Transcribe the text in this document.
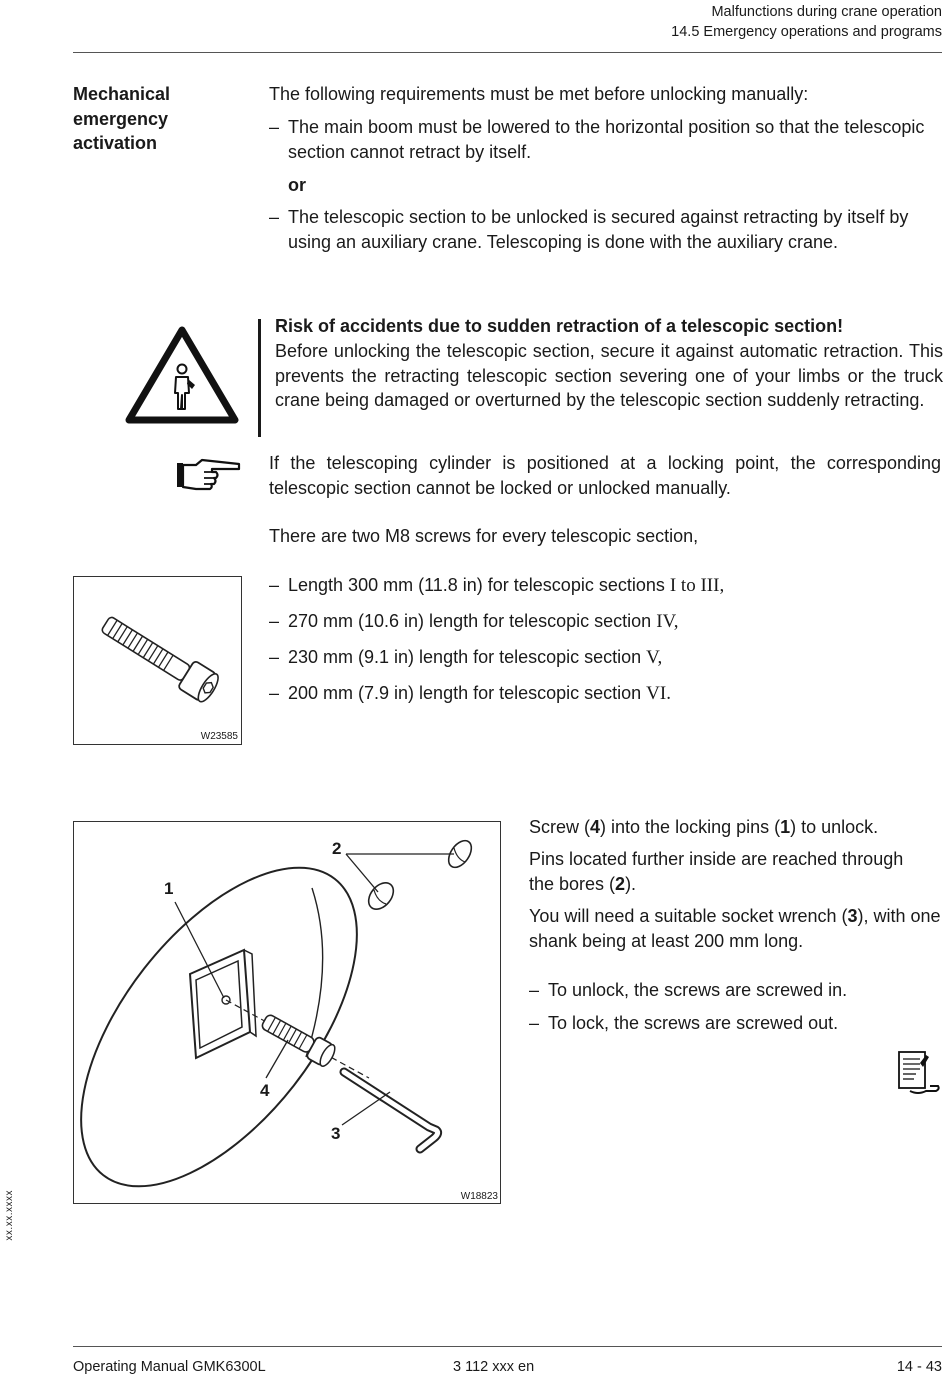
Malfunctions during crane operation
14.5 Emergency operations and programs
Mechanical emergency activation
The following requirements must be met before unlocking manually:
– The main boom must be lowered to the horizontal position so that the telescopic section cannot retract by itself.
or
– The telescopic section to be unlocked is secured against retracting by itself by using an auxiliary crane. Telescoping is done with the auxiliary crane.
Risk of accidents due to sudden retraction of a telescopic section!
Before unlocking the telescopic section, secure it against automatic retraction. This prevents the retracting telescopic section severing one of your limbs or the truck crane being damaged or overturned by the telescopic section suddenly retracting.
If the telescoping cylinder is positioned at a locking point, the corresponding telescopic section cannot be locked or unlocked manually.
There are two M8 screws for every telescopic section,
– Length 300 mm (11.8 in) for telescopic sections I to III,
– 270 mm (10.6 in) length for telescopic section IV,
– 230 mm (9.1 in) length for telescopic section V,
– 200 mm (7.9 in) length for telescopic section VI.
W23585
1
2
3
4
W18823
Screw (4) into the locking pins (1) to unlock.
Pins located further inside are reached through the bores (2).
You will need a suitable socket wrench (3), with one shank being at least 200 mm long.
– To unlock, the screws are screwed in.
– To lock, the screws are screwed out.
xx.xx.xxxx
Operating Manual GMK6300L	3 112 xxx en	14 - 43
